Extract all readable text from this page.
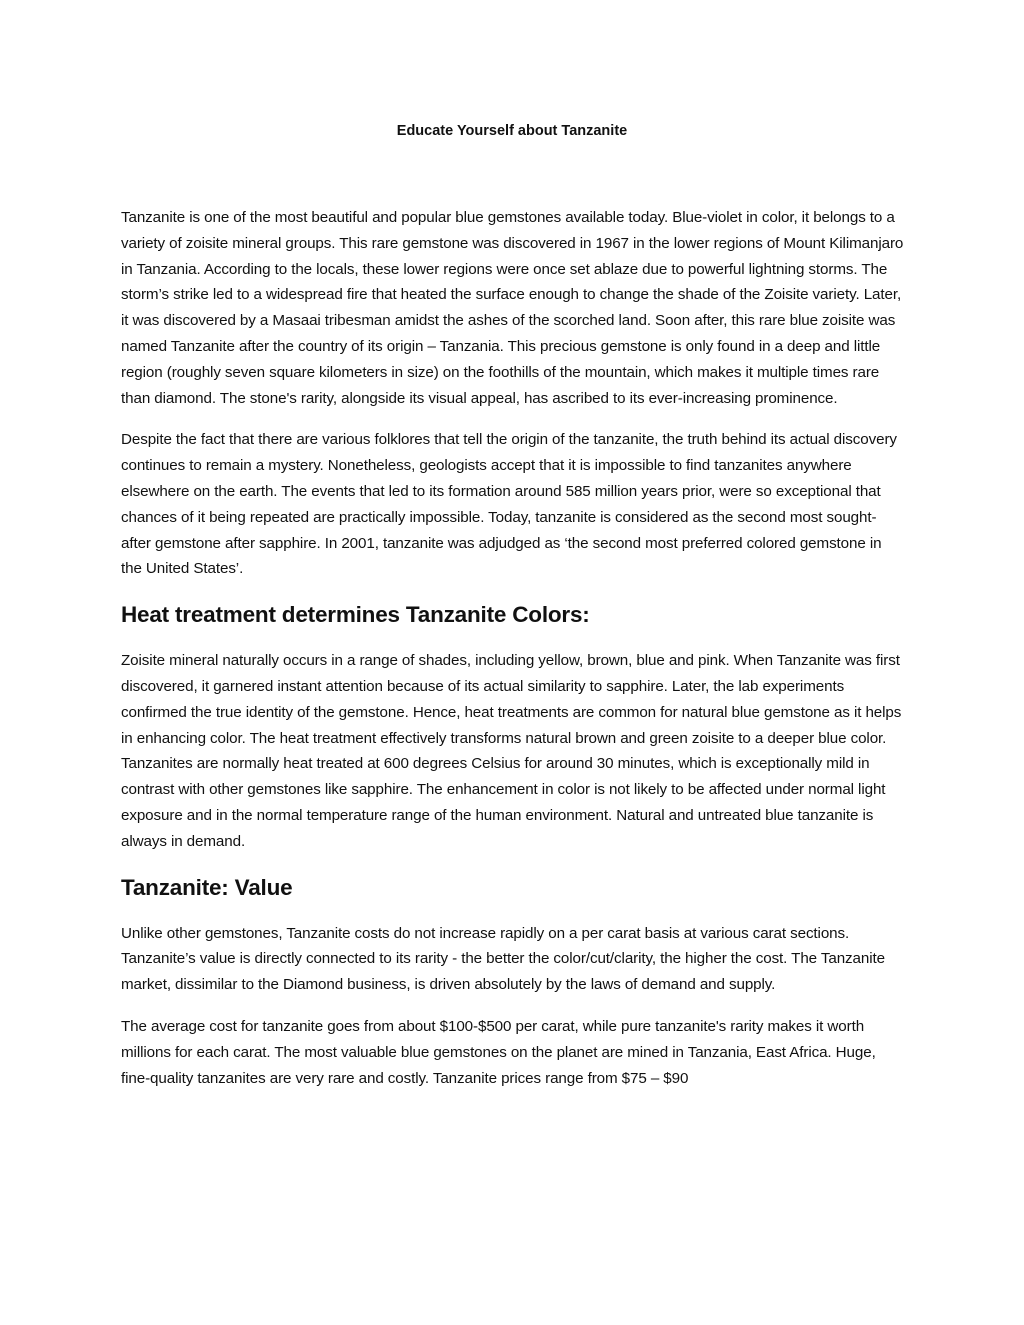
Educate Yourself about Tanzanite

Tanzanite is one of the most beautiful and popular blue gemstones available today. Blue-violet in color, it belongs to a variety of zoisite mineral groups. This rare gemstone was discovered in 1967 in the lower regions of Mount Kilimanjaro in Tanzania. According to the locals, these lower regions were once set ablaze due to powerful lightning storms. The storm’s strike led to a widespread fire that heated the surface enough to change the shade of the Zoisite variety. Later, it was discovered by a Masaai tribesman amidst the ashes of the scorched land. Soon after, this rare blue zoisite was named Tanzanite after the country of its origin – Tanzania. This precious gemstone is only found in a deep and little region (roughly seven square kilometers in size) on the foothills of the mountain, which makes it multiple times rare than diamond. The stone's rarity, alongside its visual appeal, has ascribed to its ever-increasing prominence.

Despite the fact that there are various folklores that tell the origin of the tanzanite, the truth behind its actual discovery continues to remain a mystery. Nonetheless, geologists accept that it is impossible to find tanzanites anywhere elsewhere on the earth. The events that led to its formation around 585 million years prior, were so exceptional that chances of it being repeated are practically impossible. Today, tanzanite is considered as the second most sought-after gemstone after sapphire. In 2001, tanzanite was adjudged as ‘the second most preferred colored gemstone in the United States’.

Heat treatment determines Tanzanite Colors:

Zoisite mineral naturally occurs in a range of shades, including yellow, brown, blue and pink. When Tanzanite was first discovered, it garnered instant attention because of its actual similarity to sapphire. Later, the lab experiments confirmed the true identity of the gemstone. Hence, heat treatments are common for natural blue gemstone as it helps in enhancing color. The heat treatment effectively transforms natural brown and green zoisite to a deeper blue color. Tanzanites are normally heat treated at 600 degrees Celsius for around 30 minutes, which is exceptionally mild in contrast with other gemstones like sapphire. The enhancement in color is not likely to be affected under normal light exposure and in the normal temperature range of the human environment. Natural and untreated blue tanzanite is always in demand.

Tanzanite: Value

Unlike other gemstones, Tanzanite costs do not increase rapidly on a per carat basis at various carat sections. Tanzanite’s value is directly connected to its rarity - the better the color/cut/clarity, the higher the cost. The Tanzanite market, dissimilar to the Diamond business, is driven absolutely by the laws of demand and supply.

The average cost for tanzanite goes from about $100-$500 per carat, while pure tanzanite's rarity makes it worth millions for each carat. The most valuable blue gemstones on the planet are mined in Tanzania, East Africa. Huge, fine-quality tanzanites are very rare and costly. Tanzanite prices range from $75 – $90
